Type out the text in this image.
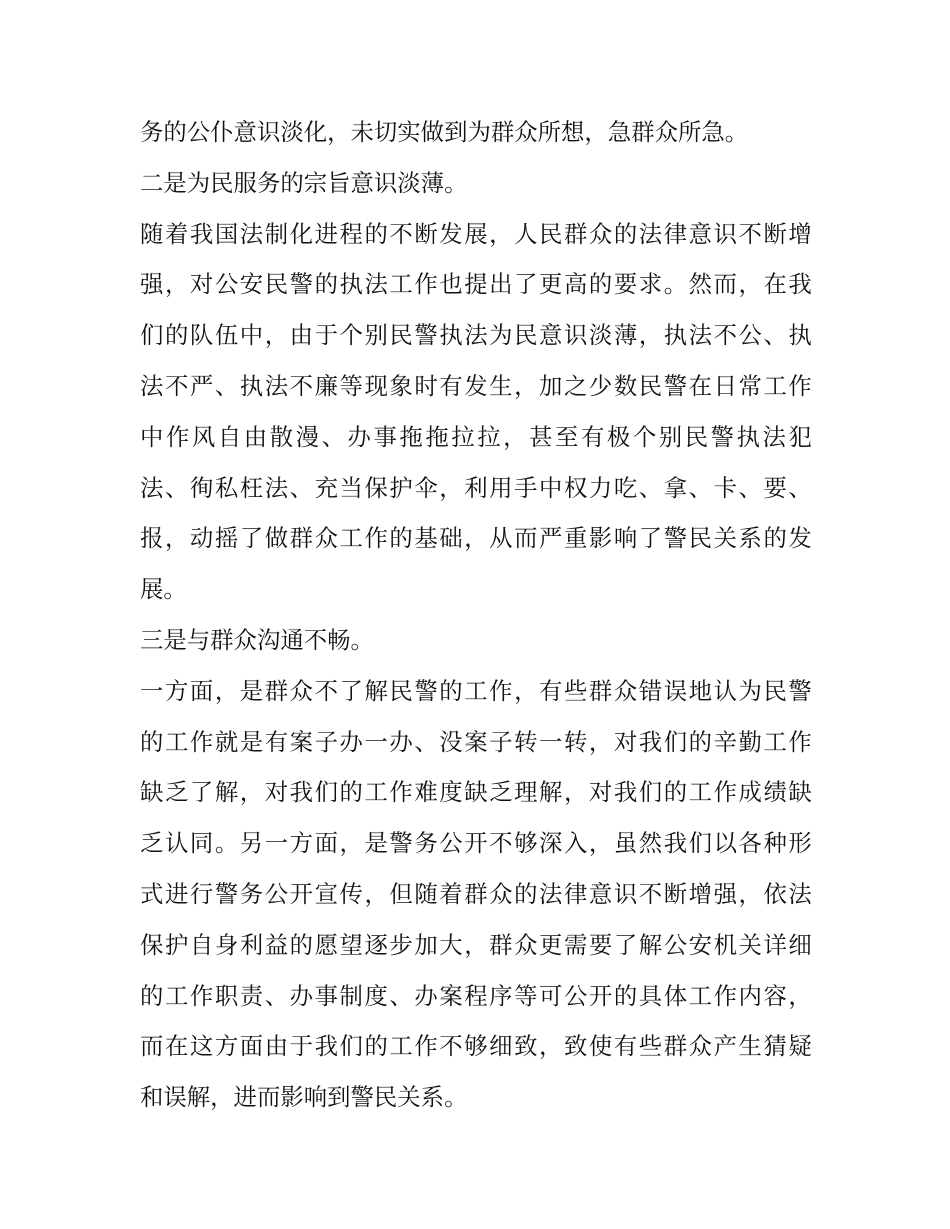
务的公仆意识淡化，未切实做到为群众所想，急群众所急。
二是为民服务的宗旨意识淡薄。
随 着 我 国 法 制 化 进 程 的 不 断 发 展 ， 人 民 群 众 的 法 律 意 识 不 断 增
强 ， 对 公 安 民 警 的 执 法 工 作 也 提 出 了 更 高 的 要 求 。 然 而 ， 在 我
们 的 队 伍 中 ， 由 于 个 别 民 警 执 法 为 民 意 识 淡 薄 ， 执 法 不 公 、 执
法 不 严 、 执 法 不 廉 等 现 象 时 有 发 生 ， 加 之 少 数 民 警 在 日 常 工 作
中 作 风 自 由 散 漫 、 办 事 拖 拖 拉 拉 ， 甚 至 有 极 个 别 民 警 执 法 犯
法 、 徇 私 枉 法 、 充 当 保 护 伞 ， 利 用 手 中 权 力 吃 、 拿 、 卡 、 要 、
报 ， 动 摇 了 做 群 众 工 作 的 基 础 ， 从 而 严 重 影 响 了 警 民 关 系 的 发
展。
三是与群众沟通不畅。
一 方 面 ， 是 群 众 不 了 解 民 警 的 工 作 ， 有 些 群 众 错 误 地 认 为 民 警
的 工 作 就 是 有 案 子 办 一 办 、 没 案 子 转 一 转 ， 对 我 们 的 辛 勤 工 作
缺 乏 了 解 ， 对 我 们 的 工 作 难 度 缺 乏 理 解 ， 对 我 们 的 工 作 成 绩 缺
乏 认 同 。 另 一 方 面 ， 是 警 务 公 开 不 够 深 入 ， 虽 然 我 们 以 各 种 形
式 进 行 警 务 公 开 宣 传 ， 但 随 着 群 众 的 法 律 意 识 不 断 增 强 ， 依 法
保 护 自 身 利 益 的 愿 望 逐 步 加 大 ， 群 众 更 需 要 了 解 公 安 机 关 详 细
的 工 作 职 责 、 办 事 制 度 、 办 案 程 序 等 可 公 开 的 具 体 工 作 内 容 ，
而 在 这 方 面 由 于 我 们 的 工 作 不 够 细 致 ， 致 使 有 些 群 众 产 生 猜 疑
和误解，进而影响到警民关系。
